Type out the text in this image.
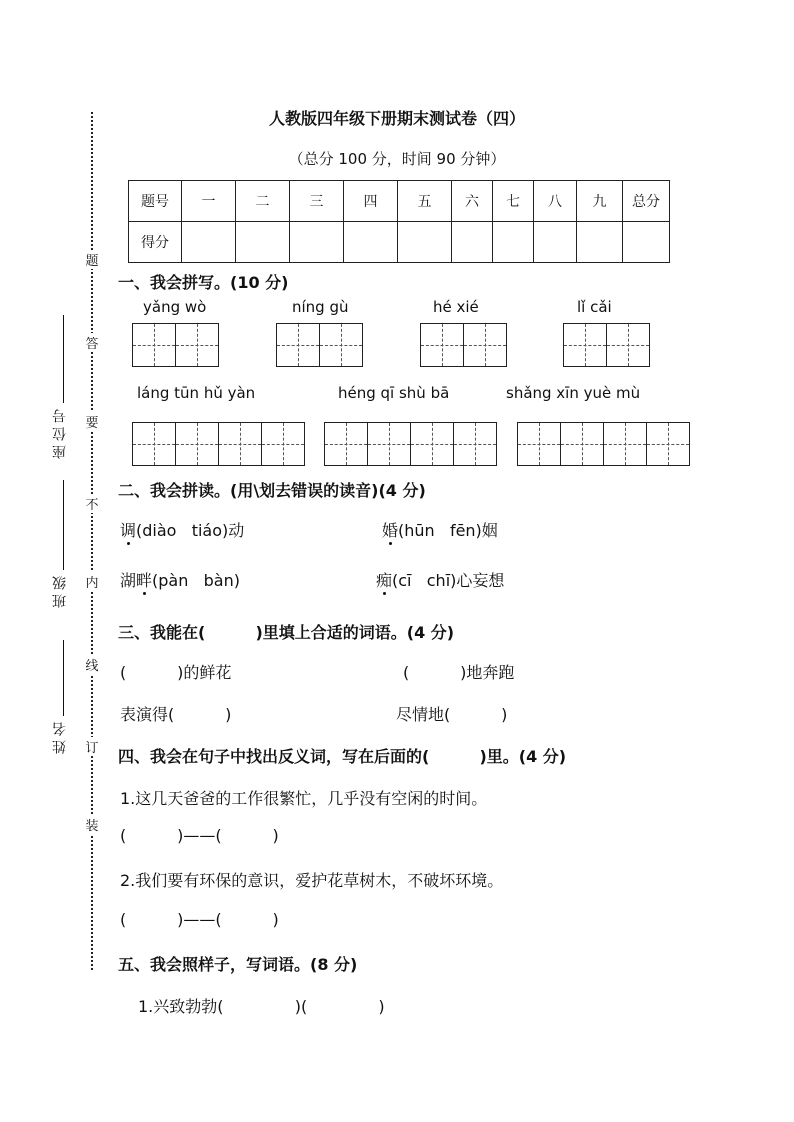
题
答
要
不
内
线
订
装
座位号
班级
姓名
人教版四年级下册期末测试卷（四）
（总分 100 分，时间 90 分钟）
题号	一	二	三	四	五	六	七	八	九	总分
得分										
一、我会拼写。(10 分)
yǎng wò	níng gù	hé xié	lǐ cǎi
láng tūn hǔ yàn	héng qī shù bā	shǎng xīn yuè mù
二、我会拼读。(用\划去错误的读音)(4 分)
调(diào   tiáo)动	婚(hūn   fēn)姻
湖畔(pàn   bàn)	痴(cī   chī)心妄想
三、我能在(         )里填上合适的词语。(4 分)
(          )的鲜花	(          )地奔跑
表演得(          )	尽情地(          )
四、我会在句子中找出反义词，写在后面的(         )里。(4 分)
1.这几天爸爸的工作很繁忙，几乎没有空闲的时间。
(          )——(          )
2.我们要有环保的意识，爱护花草树木，不破坏环境。
(          )——(          )
五、我会照样子，写词语。(8 分)
1.兴致勃勃(              )(              )
